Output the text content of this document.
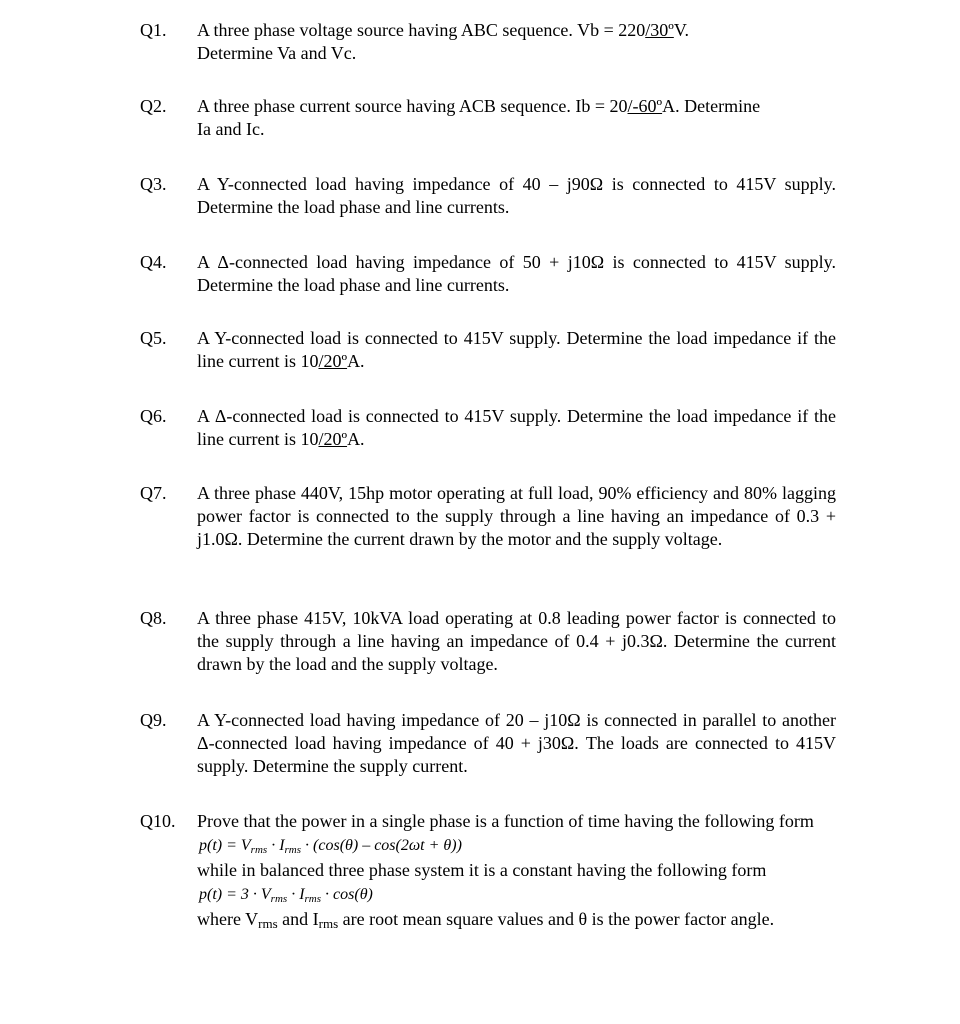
Q1.	A three phase voltage source having ABC sequence. Vb = 220/30ºV.
Determine Va and Vc.
Q2.	A three phase current source having ACB sequence. Ib = 20/-60ºA. Determine
Ia and Ic.
Q3.	A Y-connected load having impedance of 40 – j90Ω is connected to 415V supply. Determine the load phase and line currents.
Q4.	A Δ-connected load having impedance of 50 + j10Ω is connected to 415V supply. Determine the load phase and line currents.
Q5.	A Y-connected load is connected to 415V supply. Determine the load impedance if the line current is 10/20ºA.
Q6.	A Δ-connected load is connected to 415V supply. Determine the load impedance if the line current is 10/20ºA.
Q7.	A three phase 440V, 15hp motor operating at full load, 90% efficiency and 80% lagging power factor is connected to the supply through a line having an impedance of 0.3 + j1.0Ω. Determine the current drawn by the motor and the supply voltage.
Q8.	A three phase 415V, 10kVA load operating at 0.8 leading power factor is connected to the supply through a line having an impedance of 0.4 + j0.3Ω. Determine the current drawn by the load and the supply voltage.
Q9.	A Y-connected load having impedance of 20 – j10Ω is connected in parallel to another Δ-connected load having impedance of 40 + j30Ω. The loads are connected to 415V supply. Determine the supply current.
Q10.	Prove that the power in a single phase is a function of time having the following form
$p(t) = V_{rms} \cdot I_{rms} \cdot (\cos(\theta) - \cos(2\omega t + \theta))$
while in balanced three phase system it is a constant having the following form
$p(t) = 3 \cdot V_{rms} \cdot I_{rms} \cdot \cos(\theta)$
where $V_{rms}$ and $I_{rms}$ are root mean square values and θ is the power factor angle.
